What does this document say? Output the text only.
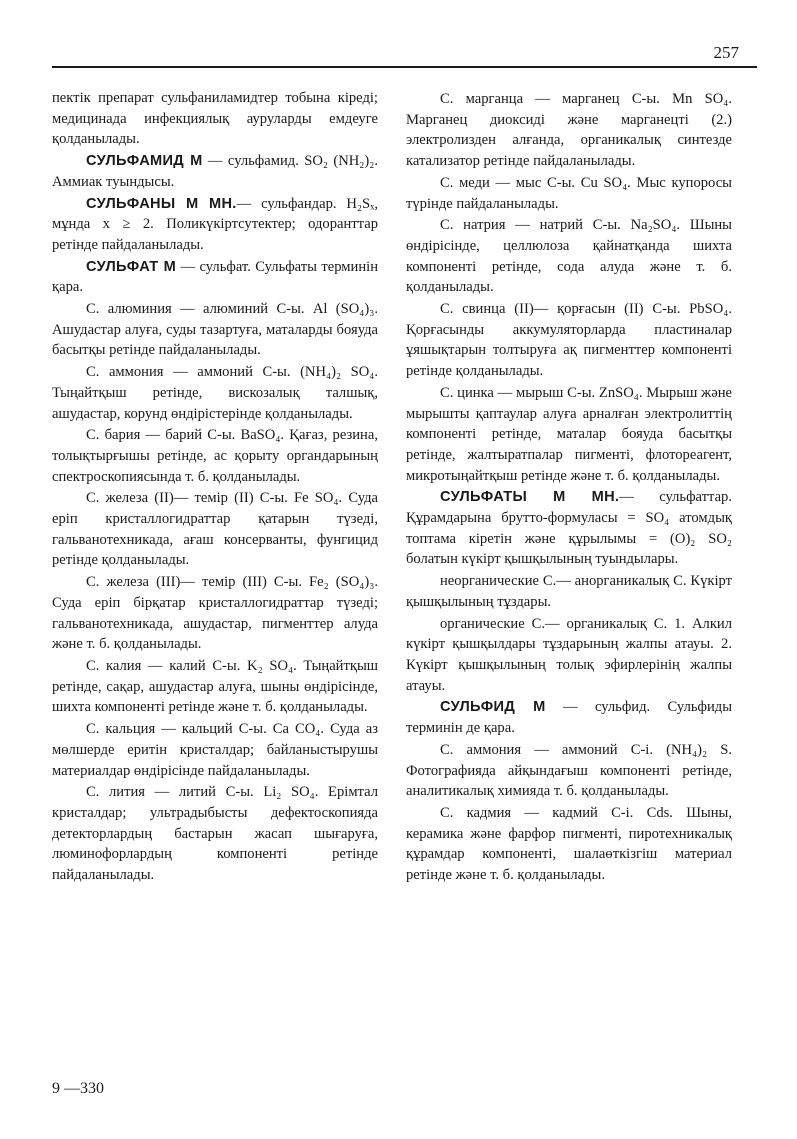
257

пектік препарат сульфаниламидтер тобына кіреді; медицинада инфекциялық ауруларды емдеуге қолданылады.

СУЛЬФАМИД М — сульфамид. SO₂ (NH₂)₂. Аммиак туындысы.

СУЛЬФАНЫ М МН.— сульфандар. H₂Sₓ, мұнда x ≥ 2. Поликүкіртсутектер; одоранттар ретінде пайдаланылады.

СУЛЬФАТ М — сульфат. Сульфаты терминін қара.

С. алюминия — алюминий С-ы. Al (SO₄)₃. Ашудастар алуға, суды тазартуға, маталарды бояуда басытқы ретінде пайдаланылады.

С. аммония — аммоний С-ы. (NH₄)₂ SO₄. Тыңайтқыш ретінде, вискозалық талшық, ашудастар, корунд өндірістерінде қолданылады.

С. бария — барий С-ы. BaSO₄. Қағаз, резина, толықтырғышы ретінде, ас қорыту органдарының спектроскопиясында т. б. қолданылады.

С. железа (II)— темір (II) С-ы. Fe SO₄. Суда еріп кристаллогидраттар қатарын түзеді, гальванотехникада, ағаш консерванты, фунгицид ретінде қолданылады.

С. железа (III)— темір (III) С-ы. Fe₂ (SO₄)₃. Суда еріп бірқатар кристаллогидраттар түзеді; гальванотехникада, ашудастар, пигменттер алуда және т. б. қолданылады.

С. калия — калий С-ы. K₂ SO₄. Тыңайтқыш ретінде, сақар, ашудастар алуға, шыны өндірісінде, шихта компоненті ретінде және т. б. қолданылады.

С. кальция — кальций С-ы. Ca CO₄. Суда аз мөлшерде еритін кристалдар; байланыстырушы материалдар өндірісінде пайдаланылады.

С. лития — литий С-ы. Li₂ SO₄. Ерімтал кристалдар; ультрадыбысты дефектоскопияда детекторлардың бастарын жасап шығаруға, люминофорлардың компоненті ретінде пайдаланылады.

С. марганца — марганец С-ы. Mn SO₄. Марганец диоксиді және марганецті (2.) электролизден алғанда, органикалық синтезде катализатор ретінде пайдаланылады.

С. меди — мыс С-ы. Cu SO₄. Мыс купоросы түрінде пайдаланылады.

С. натрия — натрий С-ы. Na₂SO₄. Шыны өндірісінде, целлюлоза қайнатқанда шихта компоненті ретінде, сода алуда және т. б. қолданылады.

С. свинца (II)— қорғасын (II) С-ы. PbSO₄. Қорғасынды аккумуляторларда пластиналар ұяшықтарын толтыруға ақ пигменттер компоненті ретінде қолданылады.

С. цинка — мырыш С-ы. ZnSO₄. Мырыш және мырышты қаптаулар алуға арналған электролиттің компоненті ретінде, маталар бояуда басытқы ретінде, жалтыратпалар пигменті, флотореагент, микротыңайтқыш ретінде және т. б. қолданылады.

СУЛЬФАТЫ М МН.— сульфаттар. Құрамдарына брутто-формуласы = SO₄ атомдық топтама кіретін және құрылымы = (O)₂ SO₂ болатын күкірт қышқылының туындылары.

неорганические С.— анорганикалық С. Күкірт қышқылының тұздары.

органические С.— органикалық С. 1. Алкил күкірт қышқылдары тұздарының жалпы атауы. 2. Күкірт қышқылының толық эфирлерінің жалпы атауы.

СУЛЬФИД М — сульфид. Сульфиды терминін де қара.

С. аммония — аммоний С-і. (NH₄)₂ S. Фотографияда айқындағыш компоненті ретінде, аналитикалық химияда т. б. қолданылады.

С. кадмия — кадмий С-і. Cds. Шыны, керамика және фарфор пигменті, пиротехникалық құрамдар компоненті, шалаөткізгіш материал ретінде және т. б. қолданылады.

9 —330
